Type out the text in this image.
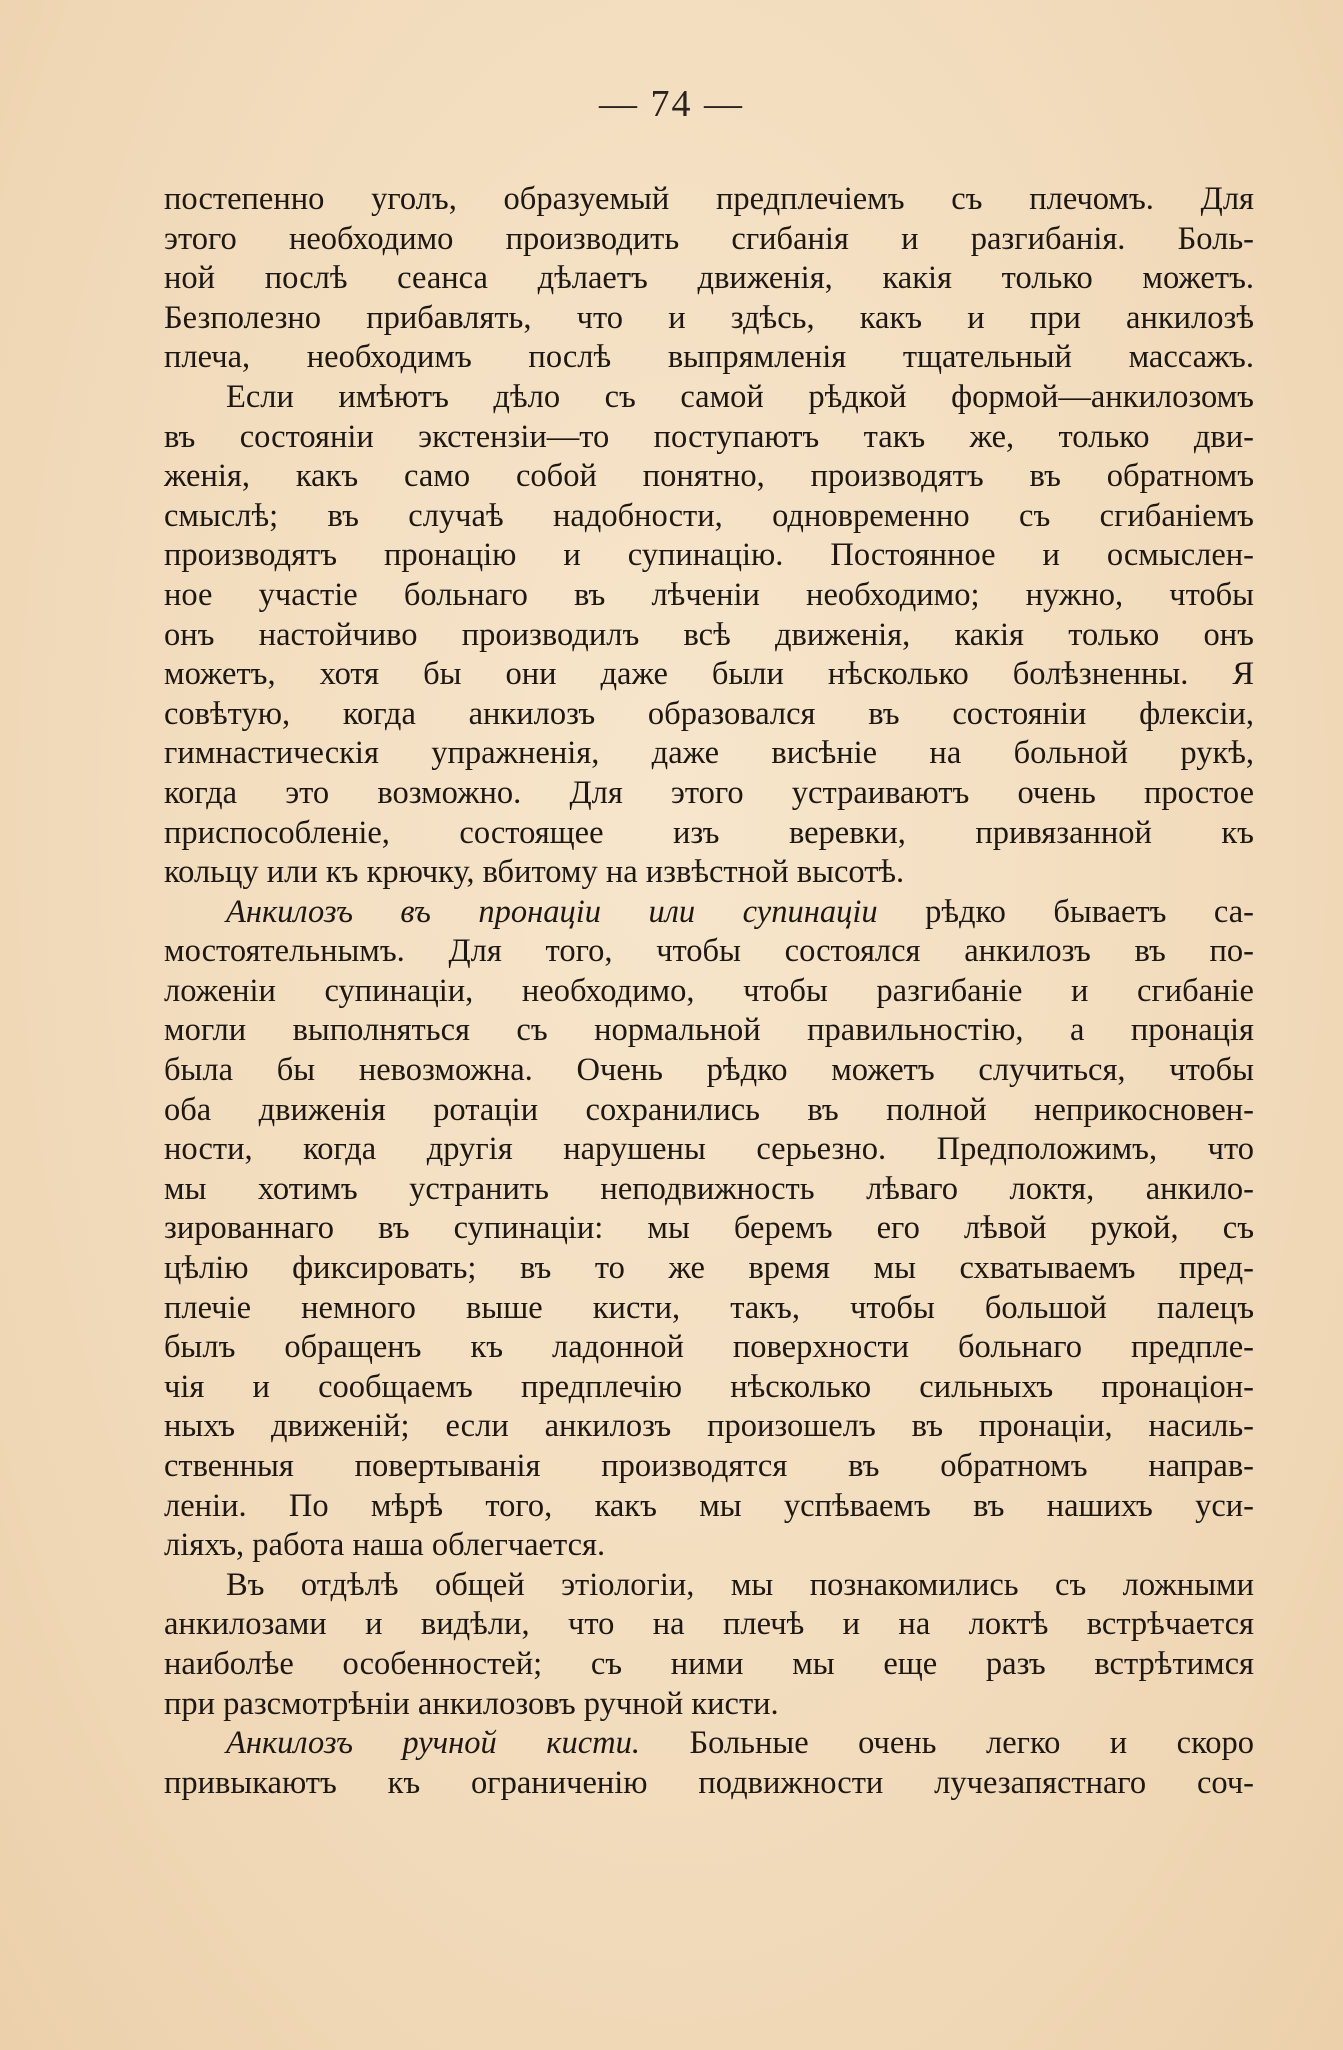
— 74 —
постепенно уголъ, образуемый предплечіемъ съ плечомъ. Для
этого необходимо производить сгибанія и разгибанія. Боль-
ной послѣ сеанса дѣлаетъ движенія, какія только можетъ.
Безполезно прибавлять, что и здѣсь, какъ и при анкилозѣ
плеча, необходимъ послѣ выпрямленія тщательный массажъ.
Если имѣютъ дѣло съ самой рѣдкой формой—анкилозомъ
въ состояніи экстензіи—то поступаютъ такъ же, только дви-
женія, какъ само собой понятно, производятъ въ обратномъ
смыслѣ; въ случаѣ надобности, одновременно съ сгибаніемъ
производятъ пронацію и супинацію. Постоянное и осмыслен-
ное участіе больнаго въ лѣченіи необходимо; нужно, чтобы
онъ настойчиво производилъ всѣ движенія, какія только онъ
можетъ, хотя бы они даже были нѣсколько болѣзненны. Я
совѣтую, когда анкилозъ образовался въ состояніи флексіи,
гимнастическія упражненія, даже висѣніе на больной рукѣ,
когда это возможно. Для этого устраиваютъ очень простое
приспособленіе, состоящее изъ веревки, привязанной къ
кольцу или къ крючку, вбитому на извѣстной высотѣ.
Анкилозъ въ пронаціи или супинаціи рѣдко бываетъ са-
мостоятельнымъ. Для того, чтобы состоялся анкилозъ въ по-
ложеніи супинаціи, необходимо, чтобы разгибаніе и сгибаніе
могли выполняться съ нормальной правильностію, а пронація
была бы невозможна. Очень рѣдко можетъ случиться, чтобы
оба движенія ротаціи сохранились въ полной неприкосновен-
ности, когда другія нарушены серьезно. Предположимъ, что
мы хотимъ устранить неподвижность лѣваго локтя, анкило-
зированнаго въ супинаціи: мы беремъ его лѣвой рукой, съ
цѣлію фиксировать; въ то же время мы схватываемъ пред-
плечіе немного выше кисти, такъ, чтобы большой палецъ
былъ обращенъ къ ладонной поверхности больнаго предпле-
чія и сообщаемъ предплечію нѣсколько сильныхъ пронаціон-
ныхъ движеній; если анкилозъ произошелъ въ пронаціи, насиль-
ственныя повертыванія производятся въ обратномъ направ-
леніи. По мѣрѣ того, какъ мы успѣваемъ въ нашихъ уси-
ліяхъ, работа наша облегчается.
Въ отдѣлѣ общей этіологіи, мы познакомились съ ложными
анкилозами и видѣли, что на плечѣ и на локтѣ встрѣчается
наиболѣе особенностей; съ ними мы еще разъ встрѣтимся
при разсмотрѣніи анкилозовъ ручной кисти.
Анкилозъ ручной кисти. Больные очень легко и скоро
привыкаютъ къ ограниченію подвижности лучезапястнаго соч-
